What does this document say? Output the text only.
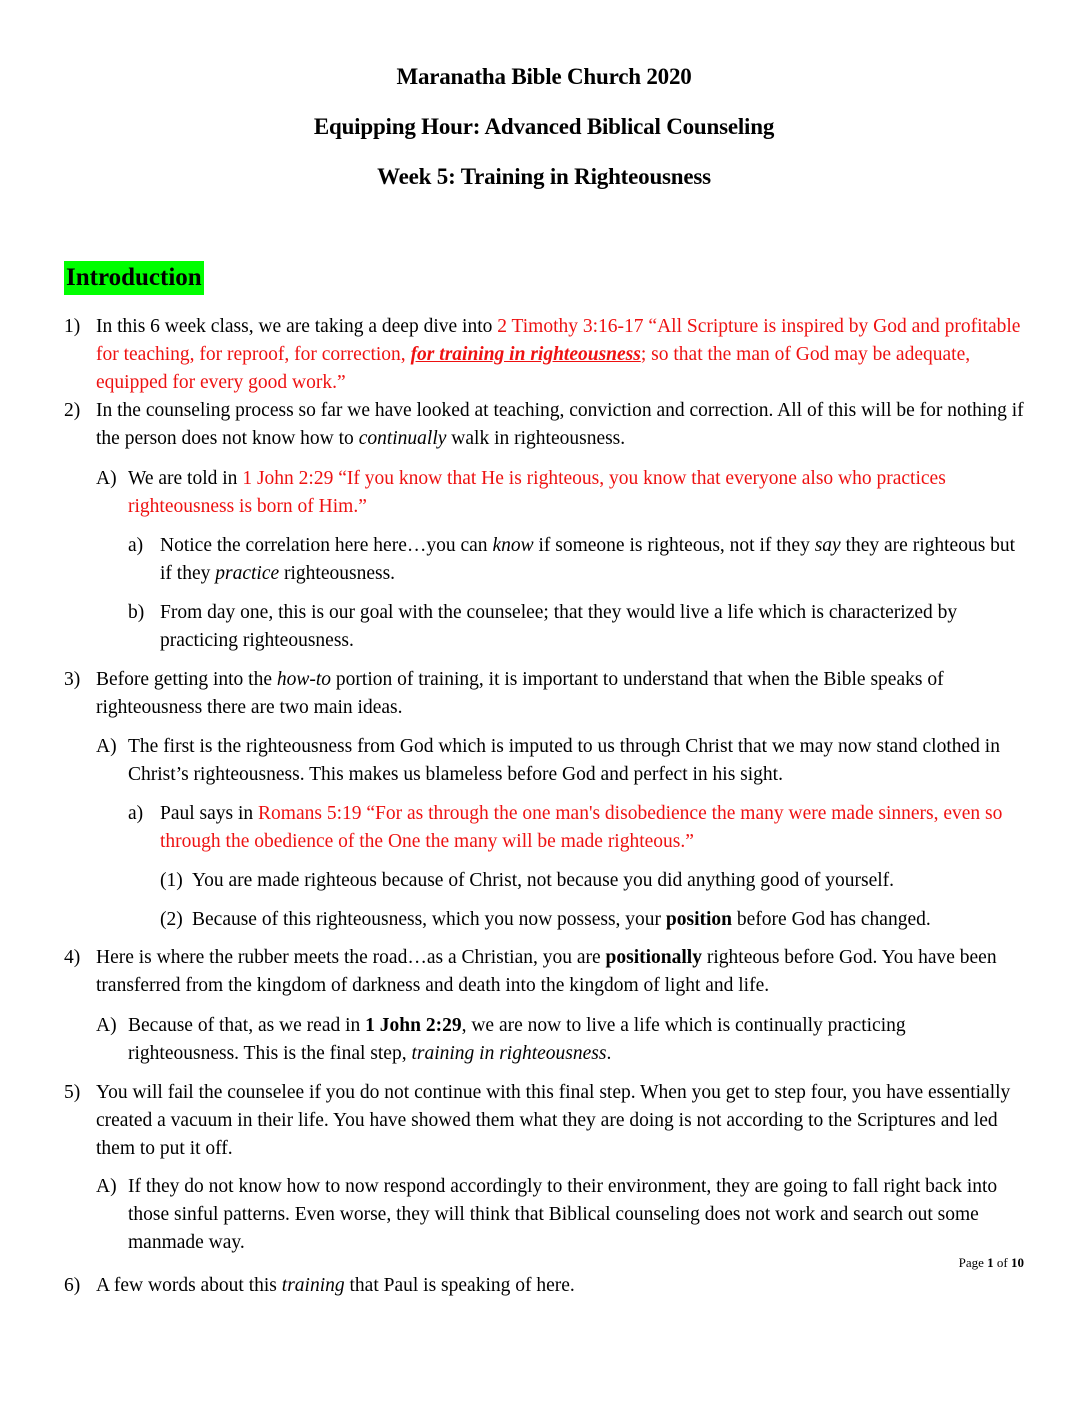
Maranatha Bible Church 2020
Equipping Hour: Advanced Biblical Counseling
Week 5: Training in Righteousness
Introduction
1) In this 6 week class, we are taking a deep dive into 2 Timothy 3:16-17 “All Scripture is inspired by God and profitable for teaching, for reproof, for correction, for training in righteousness; so that the man of God may be adequate, equipped for every good work.”
2) In the counseling process so far we have looked at teaching, conviction and correction. All of this will be for nothing if the person does not know how to continually walk in righteousness.
A) We are told in 1 John 2:29 “If you know that He is righteous, you know that everyone also who practices righteousness is born of Him.”
a) Notice the correlation here here…you can know if someone is righteous, not if they say they are righteous but if they practice righteousness.
b) From day one, this is our goal with the counselee; that they would live a life which is characterized by practicing righteousness.
3) Before getting into the how-to portion of training, it is important to understand that when the Bible speaks of righteousness there are two main ideas.
A) The first is the righteousness from God which is imputed to us through Christ that we may now stand clothed in Christ’s righteousness. This makes us blameless before God and perfect in his sight.
a) Paul says in Romans 5:19 “For as through the one man's disobedience the many were made sinners, even so through the obedience of the One the many will be made righteous.”
(1) You are made righteous because of Christ, not because you did anything good of yourself.
(2) Because of this righteousness, which you now possess, your position before God has changed.
4) Here is where the rubber meets the road…as a Christian, you are positionally righteous before God. You have been transferred from the kingdom of darkness and death into the kingdom of light and life.
A) Because of that, as we read in 1 John 2:29, we are now to live a life which is continually practicing righteousness. This is the final step, training in righteousness.
5) You will fail the counselee if you do not continue with this final step. When you get to step four, you have essentially created a vacuum in their life. You have showed them what they are doing is not according to the Scriptures and led them to put it off.
A) If they do not know how to now respond accordingly to their environment, they are going to fall right back into those sinful patterns. Even worse, they will think that Biblical counseling does not work and search out some manmade way.
6) A few words about this training that Paul is speaking of here.
Page 1 of 10
